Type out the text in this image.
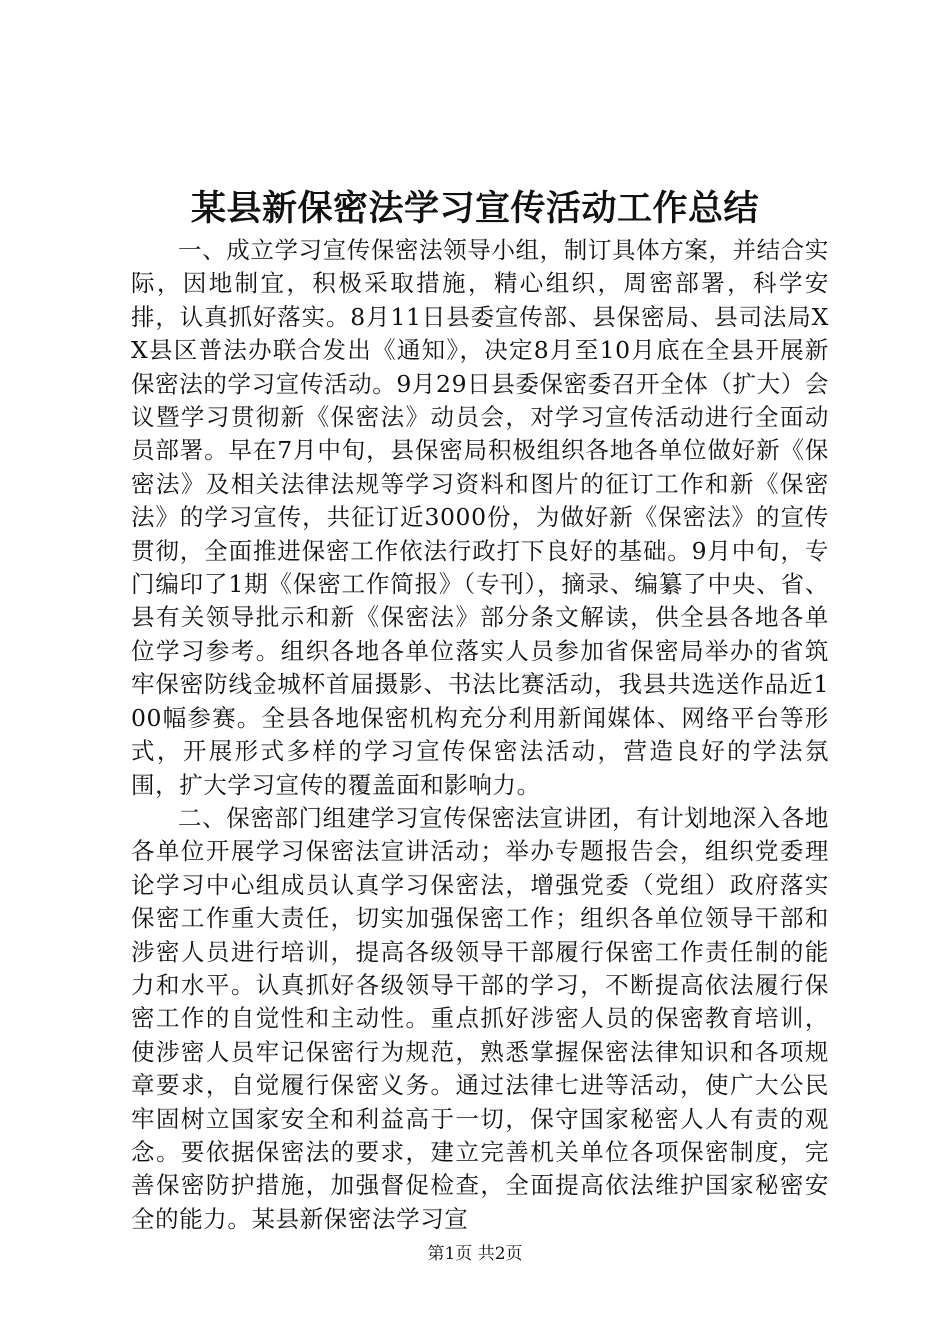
某县新保密法学习宣传活动工作总结

一、成立学习宣传保密法领导小组，制订具体方案，并结合实际，因地制宜，积极采取措施，精心组织，周密部署，科学安排，认真抓好落实。8月11日县委宣传部、县保密局、县司法局XX县区普法办联合发出《通知》，决定8月至10月底在全县开展新保密法的学习宣传活动。9月29日县委保密委召开全体（扩大）会议暨学习贯彻新《保密法》动员会，对学习宣传活动进行全面动员部署。早在7月中旬，县保密局积极组织各地各单位做好新《保密法》及相关法律法规等学习资料和图片的征订工作和新《保密法》的学习宣传，共征订近3000份，为做好新《保密法》的宣传贯彻，全面推进保密工作依法行政打下良好的基础。9月中旬，专门编印了1期《保密工作简报》（专刊），摘录、编纂了中央、省、县有关领导批示和新《保密法》部分条文解读，供全县各地各单位学习参考。组织各地各单位落实人员参加省保密局举办的省筑牢保密防线金城杯首届摄影、书法比赛活动，我县共选送作品近100幅参赛。全县各地保密机构充分利用新闻媒体、网络平台等形式，开展形式多样的学习宣传保密法活动，营造良好的学法氛围，扩大学习宣传的覆盖面和影响力。

二、保密部门组建学习宣传保密法宣讲团，有计划地深入各地各单位开展学习保密法宣讲活动；举办专题报告会，组织党委理论学习中心组成员认真学习保密法，增强党委（党组）政府落实保密工作重大责任，切实加强保密工作；组织各单位领导干部和涉密人员进行培训，提高各级领导干部履行保密工作责任制的能力和水平。认真抓好各级领导干部的学习，不断提高依法履行保密工作的自觉性和主动性。重点抓好涉密人员的保密教育培训，使涉密人员牢记保密行为规范，熟悉掌握保密法律知识和各项规章要求，自觉履行保密义务。通过法律七进等活动，使广大公民牢固树立国家安全和利益高于一切，保守国家秘密人人有责的观念。要依据保密法的要求，建立完善机关单位各项保密制度，完善保密防护措施，加强督促检查，全面提高依法维护国家秘密安全的能力。某县新保密法学习宣

第1页 共2页
